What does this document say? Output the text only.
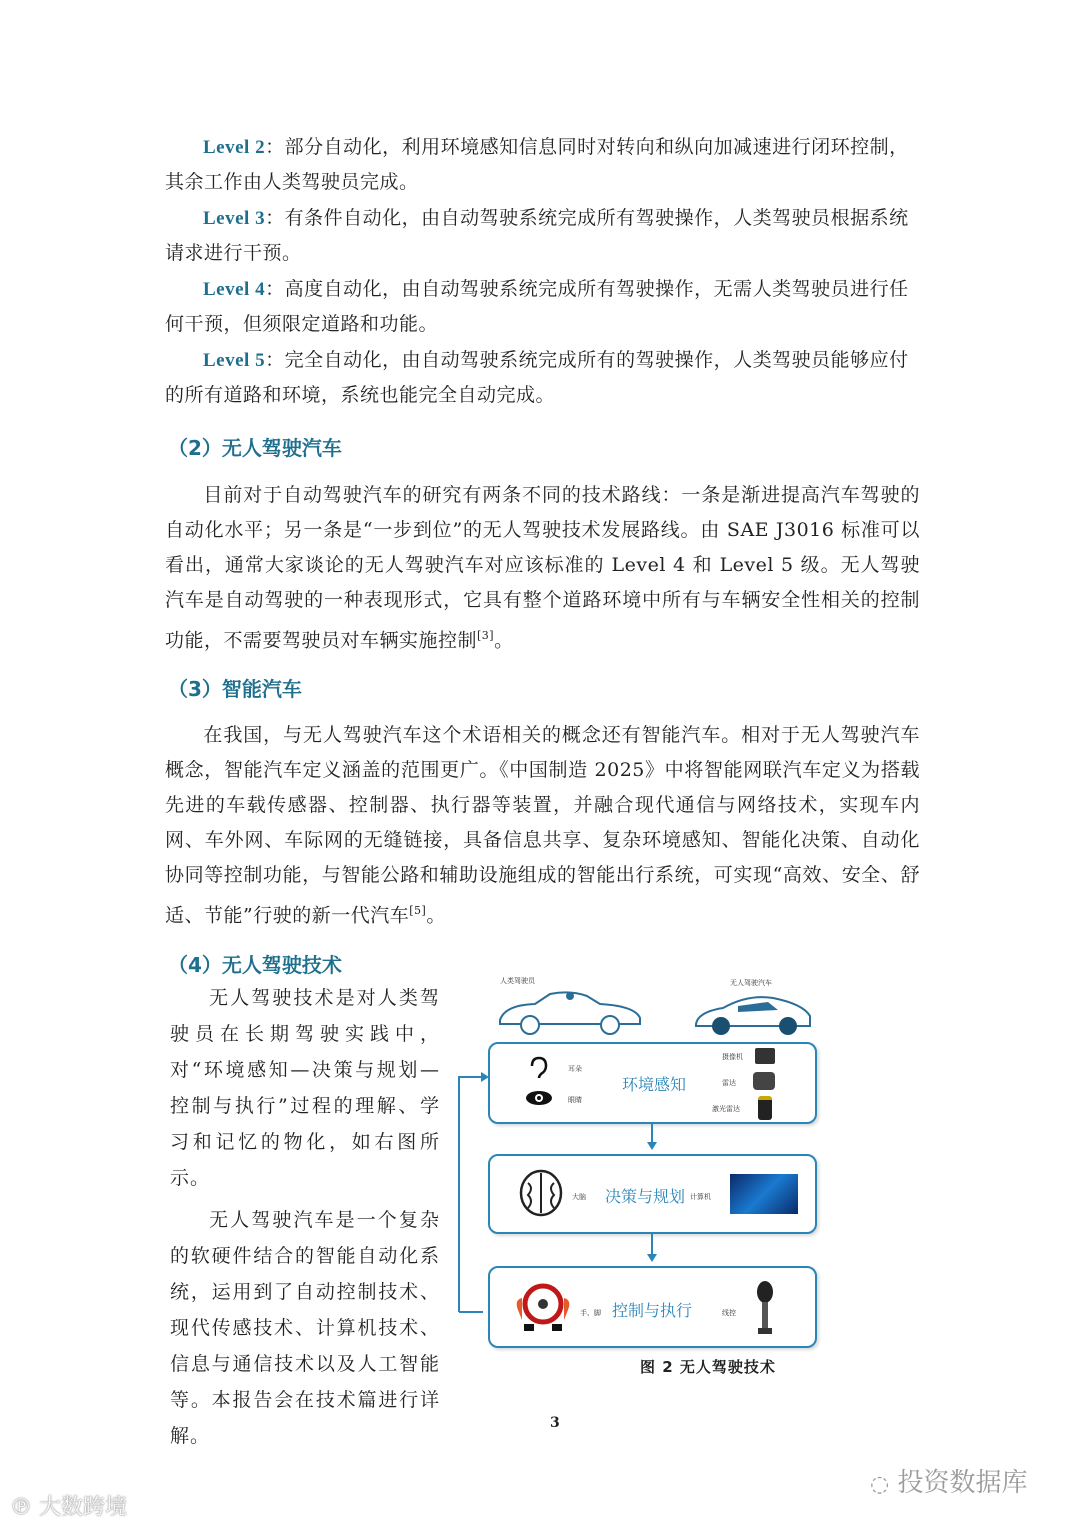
Level 2：部分自动化，利用环境感知信息同时对转向和纵向加减速进行闭环控制，其余工作由人类驾驶员完成。
Level 3：有条件自动化，由自动驾驶系统完成所有驾驶操作，人类驾驶员根据系统请求进行干预。
Level 4：高度自动化，由自动驾驶系统完成所有驾驶操作，无需人类驾驶员进行任何干预，但须限定道路和功能。
Level 5：完全自动化，由自动驾驶系统完成所有的驾驶操作，人类驾驶员能够应付的所有道路和环境，系统也能完全自动完成。
（2）无人驾驶汽车
目前对于自动驾驶汽车的研究有两条不同的技术路线：一条是渐进提高汽车驾驶的自动化水平；另一条是“一步到位”的无人驾驶技术发展路线。由 SAE J3016 标准可以看出，通常大家谈论的无人驾驶汽车对应该标准的 Level 4 和 Level 5 级。无人驾驶汽车是自动驾驶的一种表现形式，它具有整个道路环境中所有与车辆安全性相关的控制功能，不需要驾驶员对车辆实施控制[3]。
（3）智能汽车
在我国，与无人驾驶汽车这个术语相关的概念还有智能汽车。相对于无人驾驶汽车概念，智能汽车定义涵盖的范围更广。《中国制造 2025》中将智能网联汽车定义为搭载先进的车载传感器、控制器、执行器等装置，并融合现代通信与网络技术，实现车内网、车外网、车际网的无缝链接，具备信息共享、复杂环境感知、智能化决策、自动化协同等控制功能，与智能公路和辅助设施组成的智能出行系统，可实现“高效、安全、舒适、节能”行驶的新一代汽车[5]。
（4）无人驾驶技术
无人驾驶技术是对人类驾驶员在长期驾驶实践中，对“环境感知—决策与规划—控制与执行”过程的理解、学习和记忆的物化，如右图所示。
无人驾驶汽车是一个复杂的软硬件结合的智能自动化系统，运用到了自动控制技术、现代传感技术、计算机技术、信息与通信技术以及人工智能等。本报告会在技术篇进行详解。
人类驾驶员	无人驾驶汽车
耳朵
眼睛
环境感知
摄像机
雷达
激光雷达
大脑 决策与规划 计算机
手、脚 控制与执行	线控
图 2 无人驾驶技术
3
℗ 大数跨境
◌ 投资数据库
